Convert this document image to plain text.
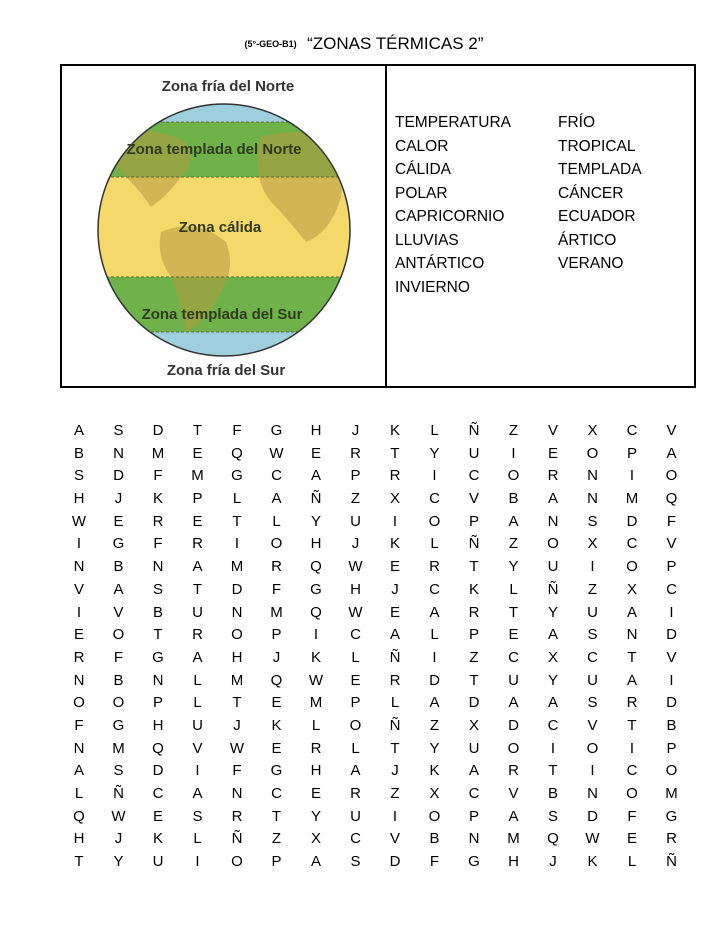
(5°-GEO-B1) “ZONAS TÉRMICAS 2”
Zona fría del Norte
Zona templada del Norte
Zona cálida
Zona templada del Sur
Zona fría del Sur
TEMPERATURA	FRÍO
CALOR	TROPICAL
CÁLIDA	TEMPLADA
POLAR	CÁNCER
CAPRICORNIO	ECUADOR
LLUVIAS	ÁRTICO
ANTÁRTICO	VERANO
INVIERNO
A	S	D	T	F	G	H	J	K	L	Ñ	Z	V	X	C	V
B	N	M	E	Q	W	E	R	T	Y	U	I	E	O	P	A
S	D	F	M	G	C	A	P	R	I	C	O	R	N	I	O
H	J	K	P	L	A	Ñ	Z	X	C	V	B	A	N	M	Q
W	E	R	E	T	L	Y	U	I	O	P	A	N	S	D	F
I	G	F	R	I	O	H	J	K	L	Ñ	Z	O	X	C	V
N	B	N	A	M	R	Q	W	E	R	T	Y	U	I	O	P
V	A	S	T	D	F	G	H	J	C	K	L	Ñ	Z	X	C
I	V	B	U	N	M	Q	W	E	A	R	T	Y	U	A	I
E	O	T	R	O	P	I	C	A	L	P	E	A	S	N	D
R	F	G	A	H	J	K	L	Ñ	I	Z	C	X	C	T	V
N	B	N	L	M	Q	W	E	R	D	T	U	Y	U	A	I
O	O	P	L	T	E	M	P	L	A	D	A	A	S	R	D
F	G	H	U	J	K	L	O	Ñ	Z	X	D	C	V	T	B
N	M	Q	V	W	E	R	L	T	Y	U	O	I	O	I	P
A	S	D	I	F	G	H	A	J	K	A	R	T	I	C	O
L	Ñ	C	A	N	C	E	R	Z	X	C	V	B	N	O	M
Q	W	E	S	R	T	Y	U	I	O	P	A	S	D	F	G
H	J	K	L	Ñ	Z	X	C	V	B	N	M	Q	W	E	R
T	Y	U	I	O	P	A	S	D	F	G	H	J	K	L	Ñ
